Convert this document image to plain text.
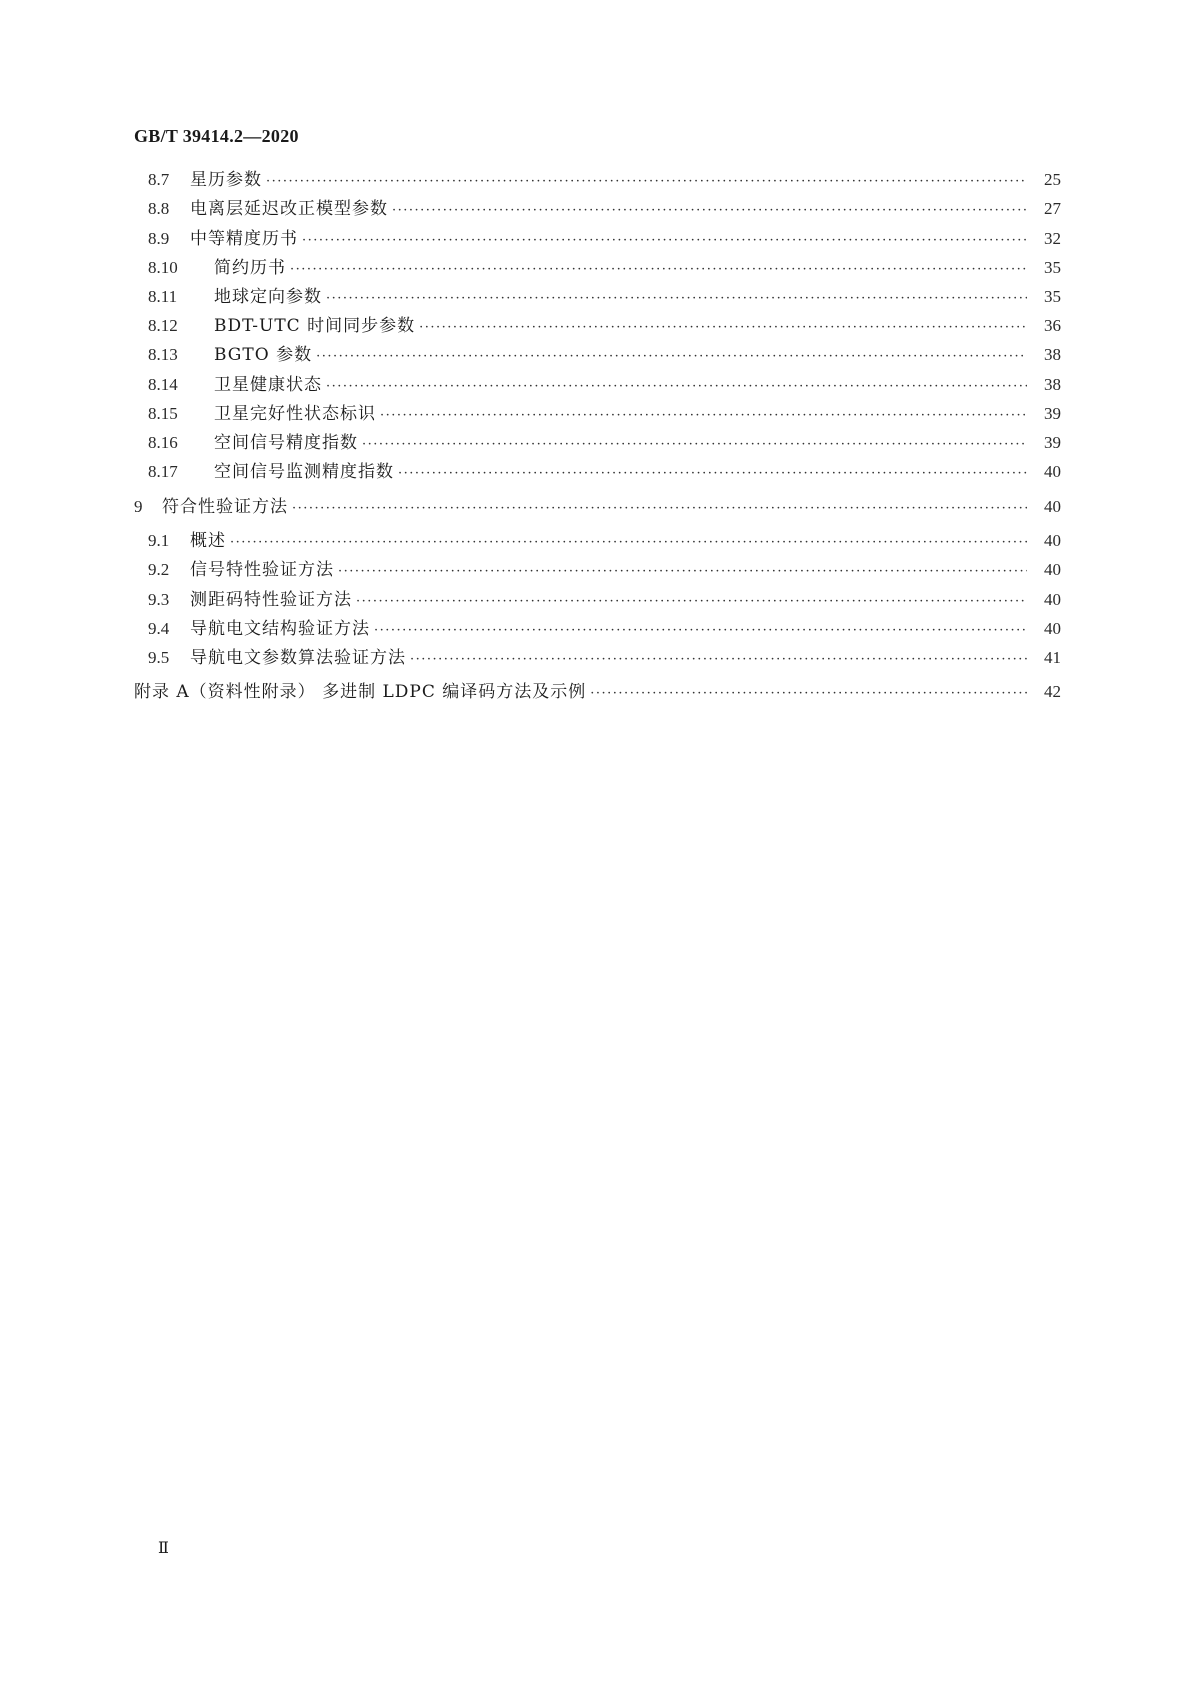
GB/T 39414.2—2020
8.7	星历参数 ·····	25
8.8	电离层延迟改正模型参数 ·····	27
8.9	中等精度历书 ·····	32
8.10	简约历书 ·····	35
8.11	地球定向参数 ·····	35
8.12	BDT-UTC 时间同步参数 ·····	36
8.13	BGTO 参数 ·····	38
8.14	卫星健康状态 ·····	38
8.15	卫星完好性状态标识 ·····	39
8.16	空间信号精度指数 ·····	39
8.17	空间信号监测精度指数 ·····	40
9	符合性验证方法 ·····	40
9.1	概述 ·····	40
9.2	信号特性验证方法 ·····	40
9.3	测距码特性验证方法 ·····	40
9.4	导航电文结构验证方法 ·····	40
9.5	导航电文参数算法验证方法 ·····	41
附录 A（资料性附录） 多进制 LDPC 编译码方法及示例 ·····	42
Ⅱ
